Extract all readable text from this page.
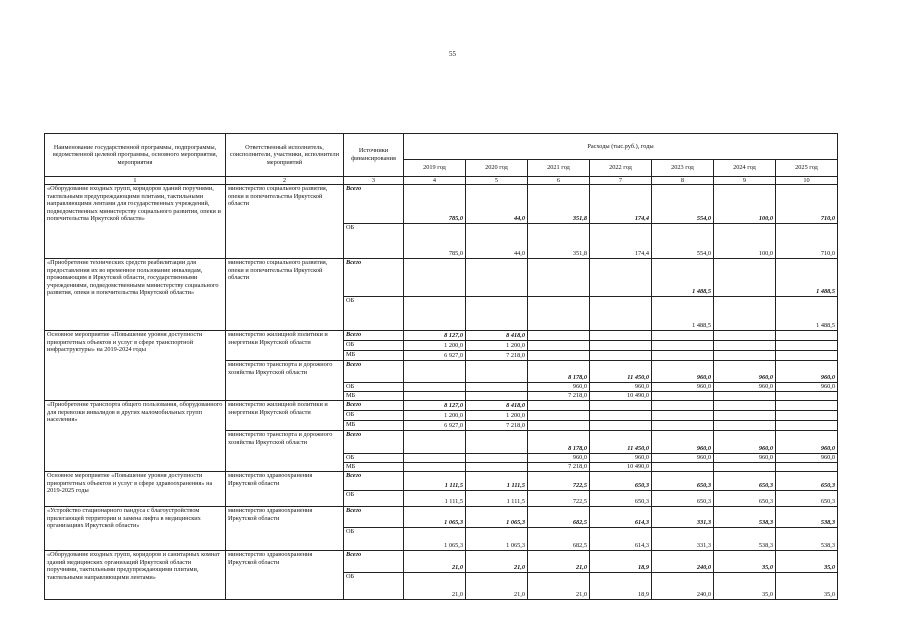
55
Наименование государственной программы, подпрограммы, ведомственной целевой программы, основного мероприятия, мероприятия	Ответственный исполнитель, соисполнители, участники, исполнители мероприятий	Источники финансирования	Расходы (тыс.руб.), годы						
			2019 год	2020 год	2021 год	2022 год	2023 год	2024 год	2025 год
1	2	3	4	5	6	7	8	9	10
«Оборудование входных групп, коридоров зданий поручнями, тактильными предупреждающими плитами, тактильными направляющими лентами для государственных учреждений, подведомственных министерству социального развития, опеки и попечительства Иркутской области»	министерство социального развития, опеки и попечительства Иркутской области	Всего	785,0	44,0	351,8	174,4	554,0	100,0	710,0
		ОБ	785,0	44,0	351,8	174,4	554,0	100,0	710,0
«Приобретение технических средств реабилитации для предоставления их во временное пользование инвалидам, проживающим в Иркутской области, государственными учреждениями, подведомственными министерству социального развития, опеки и попечительства Иркутской области»	министерство социального развития, опеки и попечительства Иркутской области	Всего					1 488,5		1 488,5
		ОБ					1 488,5		1 488,5
Основное мероприятие «Повышение уровня доступности приоритетных объектов и услуг в сфере транспортной инфраструктуры» на 2019-2024 годы	министерство жилищной политики и энергетики Иркутской области	Всего	8 127,0	8 418,0					
		ОБ	1 200,0	1 200,0					
		МБ	6 927,0	7 218,0					
	министерство транспорта и дорожного хозяйства Иркутской области	Всего			8 178,0	11 450,0	960,0	960,0	960,0
		ОБ			960,0	960,0	960,0	960,0	960,0
		МБ			7 218,0	10 490,0			
«Приобретение транспорта общего пользования, оборудованного для перевозки инвалидов и других маломобильных групп населения»	министерство жилищной политики и энергетики Иркутской области	Всего	8 127,0	8 418,0					
		ОБ	1 200,0	1 200,0					
		МБ	6 927,0	7 218,0					
	министерство транспорта и дорожного хозяйства Иркутской области	Всего			8 178,0	11 450,0	960,0	960,0	960,0
		ОБ			960,0	960,0	960,0	960,0	960,0
		МБ			7 218,0	10 490,0			
Основное мероприятие «Повышение уровня доступности приоритетных объектов и услуг в сфере здравоохранения» на 2019-2025 годы	министерство здравоохранения Иркутской области	Всего	1 111,5	1 111,5	722,5	650,3	650,3	650,3	650,3
		ОБ	1 111,5	1 111,5	722,5	650,3	650,3	650,3	650,3
«Устройство стационарного пандуса с благоустройством прилегающей территории и замена лифта в медицинских организациях Иркутской области»	министерство здравоохранения Иркутской области	Всего	1 065,3	1 065,3	682,5	614,3	331,3	538,3	538,3
		ОБ	1 065,3	1 065,3	682,5	614,3	331,3	538,3	538,3
«Оборудование входных групп, коридоров и санитарных комнат зданий медицинских организаций Иркутской области поручнями, тактильными предупреждающими плитами, тактильными направляющими лентами»	министерство здравоохранения Иркутской области	Всего	21,0	21,0	21,0	18,9	240,0	35,0	35,0
		ОБ	21,0	21,0	21,0	18,9	240,0	35,0	35,0
